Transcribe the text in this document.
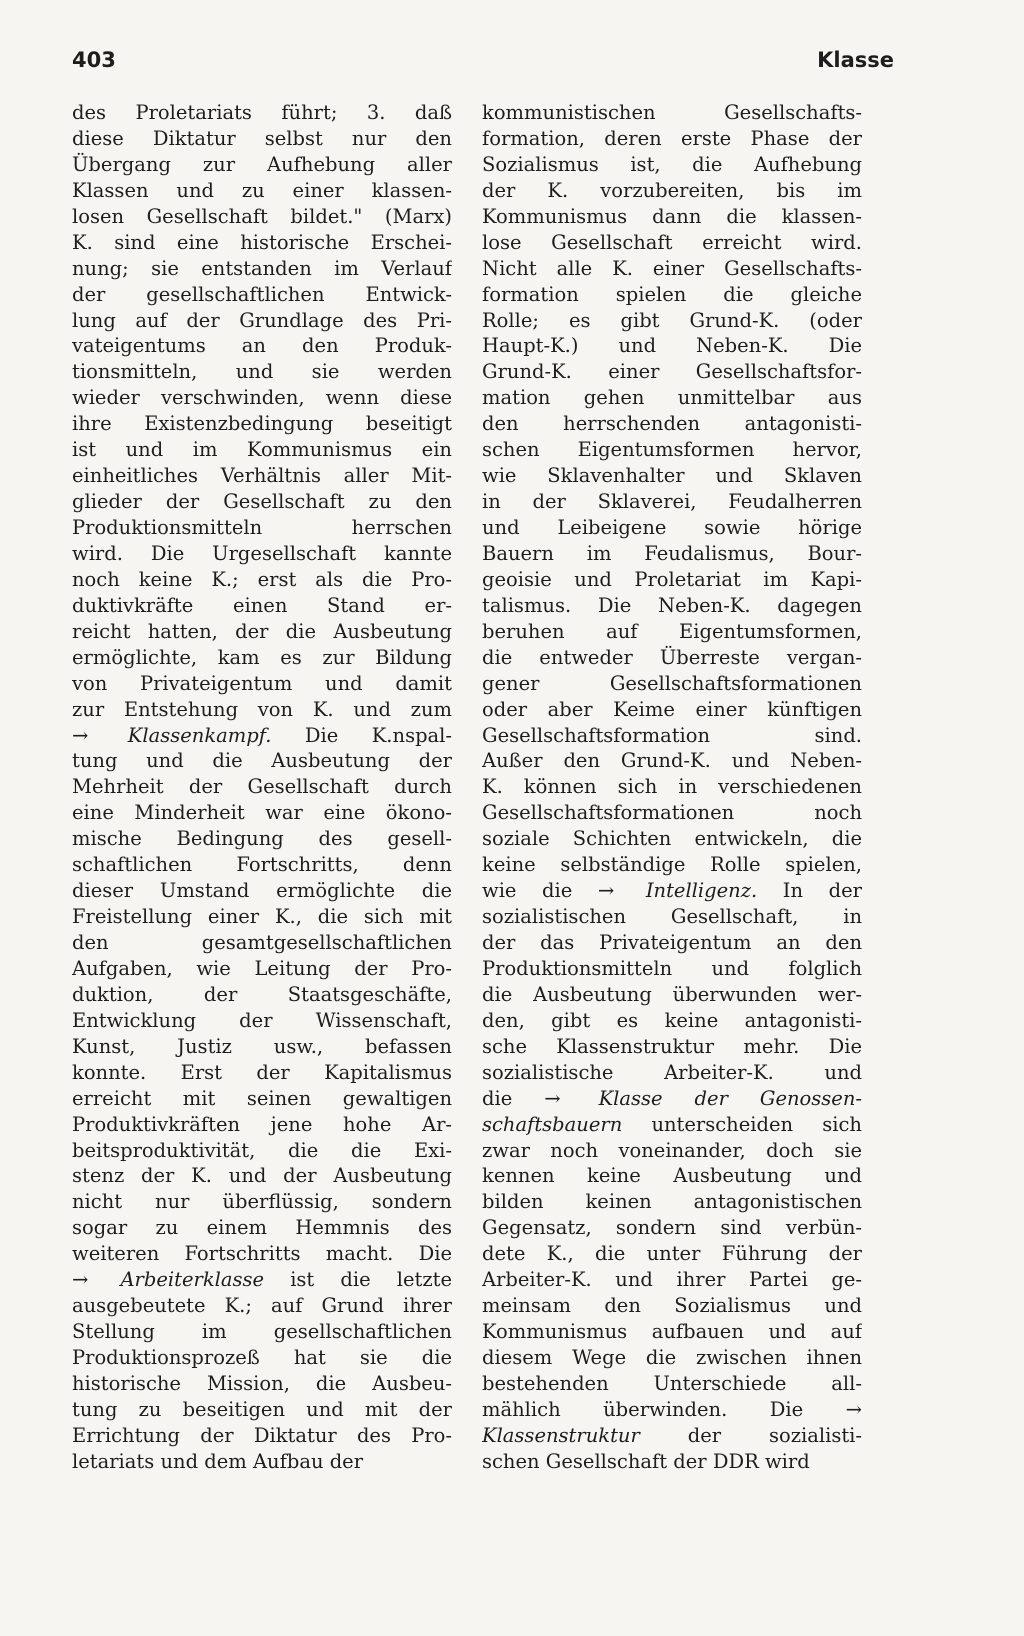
403	Klasse
des Proletariats führt; 3. daß
diese Diktatur selbst nur den
Übergang zur Aufhebung aller
Klassen und zu einer klassen-
losen Gesellschaft bildet." (Marx)
K. sind eine historische Erschei-
nung; sie entstanden im Verlauf
der gesellschaftlichen Entwick-
lung auf der Grundlage des Pri-
vateigentums an den Produk-
tionsmitteln, und sie werden
wieder verschwinden, wenn diese
ihre Existenzbedingung beseitigt
ist und im Kommunismus ein
einheitliches Verhältnis aller Mit-
glieder der Gesellschaft zu den
Produktionsmitteln herrschen
wird. Die Urgesellschaft kannte
noch keine K.; erst als die Pro-
duktivkräfte einen Stand er-
reicht hatten, der die Ausbeutung
ermöglichte, kam es zur Bildung
von Privateigentum und damit
zur Entstehung von K. und zum
→ Klassenkampf. Die K.nspal-
tung und die Ausbeutung der
Mehrheit der Gesellschaft durch
eine Minderheit war eine ökono-
mische Bedingung des gesell-
schaftlichen Fortschritts, denn
dieser Umstand ermöglichte die
Freistellung einer K., die sich mit
den gesamtgesellschaftlichen
Aufgaben, wie Leitung der Pro-
duktion, der Staatsgeschäfte,
Entwicklung der Wissenschaft,
Kunst, Justiz usw., befassen
konnte. Erst der Kapitalismus
erreicht mit seinen gewaltigen
Produktivkräften jene hohe Ar-
beitsproduktivität, die die Exi-
stenz der K. und der Ausbeutung
nicht nur überflüssig, sondern
sogar zu einem Hemmnis des
weiteren Fortschritts macht. Die
→ Arbeiterklasse ist die letzte
ausgebeutete K.; auf Grund ihrer
Stellung im gesellschaftlichen
Produktionsprozeß hat sie die
historische Mission, die Ausbeu-
tung zu beseitigen und mit der
Errichtung der Diktatur des Pro-
letariats und dem Aufbau der
kommunistischen Gesellschafts-
formation, deren erste Phase der
Sozialismus ist, die Aufhebung
der K. vorzubereiten, bis im
Kommunismus dann die klassen-
lose Gesellschaft erreicht wird.
Nicht alle K. einer Gesellschafts-
formation spielen die gleiche
Rolle; es gibt Grund-K. (oder
Haupt-K.) und Neben-K. Die
Grund-K. einer Gesellschaftsfor-
mation gehen unmittelbar aus
den herrschenden antagonisti-
schen Eigentumsformen hervor,
wie Sklavenhalter und Sklaven
in der Sklaverei, Feudalherren
und Leibeigene sowie hörige
Bauern im Feudalismus, Bour-
geoisie und Proletariat im Kapi-
talismus. Die Neben-K. dagegen
beruhen auf Eigentumsformen,
die entweder Überreste vergan-
gener Gesellschaftsformationen
oder aber Keime einer künftigen
Gesellschaftsformation sind.
Außer den Grund-K. und Neben-
K. können sich in verschiedenen
Gesellschaftsformationen noch
soziale Schichten entwickeln, die
keine selbständige Rolle spielen,
wie die → Intelligenz. In der
sozialistischen Gesellschaft, in
der das Privateigentum an den
Produktionsmitteln und folglich
die Ausbeutung überwunden wer-
den, gibt es keine antagonisti-
sche Klassenstruktur mehr. Die
sozialistische Arbeiter-K. und
die → Klasse der Genossen-
schaftsbauern unterscheiden sich
zwar noch voneinander, doch sie
kennen keine Ausbeutung und
bilden keinen antagonistischen
Gegensatz, sondern sind verbün-
dete K., die unter Führung der
Arbeiter-K. und ihrer Partei ge-
meinsam den Sozialismus und
Kommunismus aufbauen und auf
diesem Wege die zwischen ihnen
bestehenden Unterschiede all-
mählich überwinden. Die →
Klassenstruktur der sozialisti-
schen Gesellschaft der DDR wird
